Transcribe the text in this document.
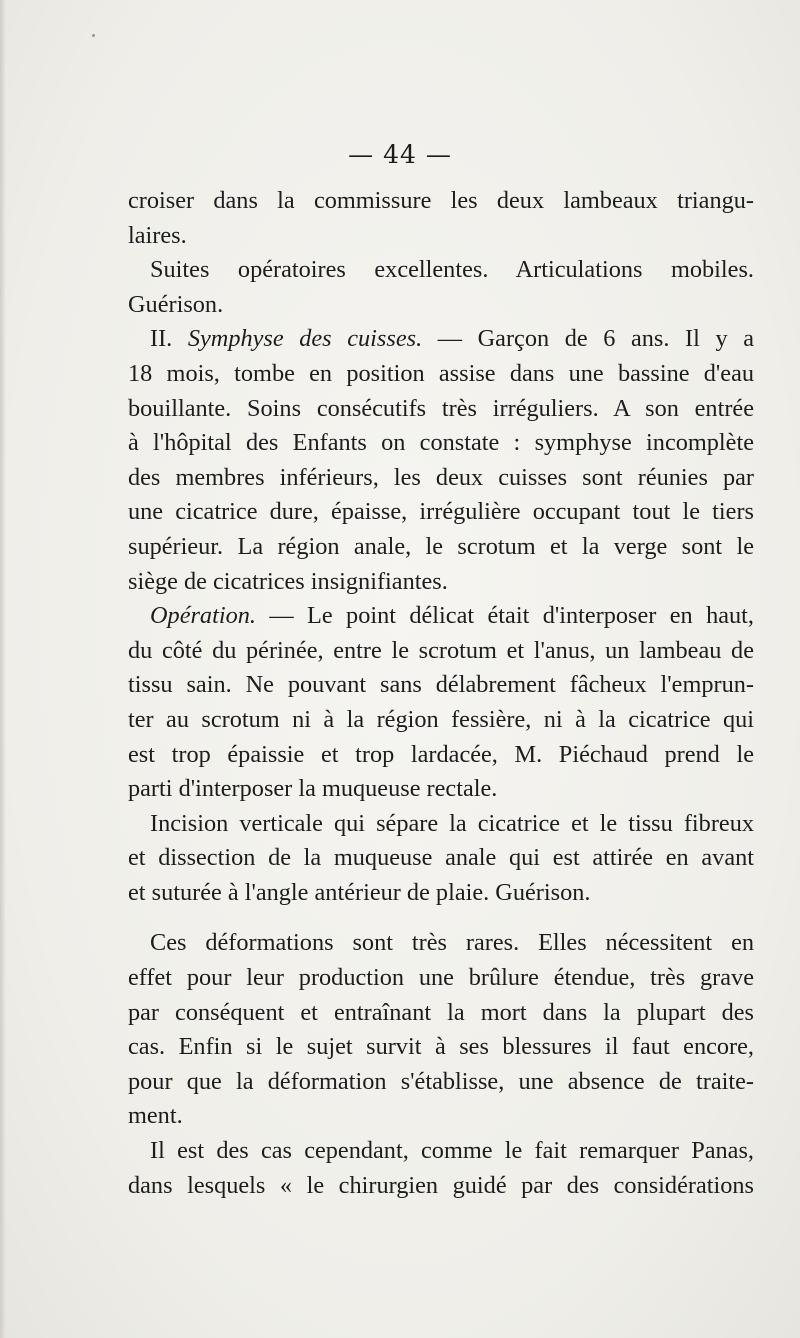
— 44 —
croiser dans la commissure les deux lambeaux triangu-
laires.
Suites opératoires excellentes. Articulations mobiles.
Guérison.
II. Symphyse des cuisses. — Garçon de 6 ans. Il y a
18 mois, tombe en position assise dans une bassine d'eau
bouillante. Soins consécutifs très irréguliers. A son entrée
à l'hôpital des Enfants on constate : symphyse incomplète
des membres inférieurs, les deux cuisses sont réunies par
une cicatrice dure, épaisse, irrégulière occupant tout le tiers
supérieur. La région anale, le scrotum et la verge sont le
siège de cicatrices insignifiantes.
Opération. — Le point délicat était d'interposer en haut,
du côté du périnée, entre le scrotum et l'anus, un lambeau de
tissu sain. Ne pouvant sans délabrement fâcheux l'emprun-
ter au scrotum ni à la région fessière, ni à la cicatrice qui
est trop épaissie et trop lardacée, M. Piéchaud prend le
parti d'interposer la muqueuse rectale.
Incision verticale qui sépare la cicatrice et le tissu fibreux
et dissection de la muqueuse anale qui est attirée en avant
et suturée à l'angle antérieur de plaie. Guérison.
Ces déformations sont très rares. Elles nécessitent en
effet pour leur production une brûlure étendue, très grave
par conséquent et entraînant la mort dans la plupart des
cas. Enfin si le sujet survit à ses blessures il faut encore,
pour que la déformation s'établisse, une absence de traite-
ment.
Il est des cas cependant, comme le fait remarquer Panas,
dans lesquels « le chirurgien guidé par des considérations
